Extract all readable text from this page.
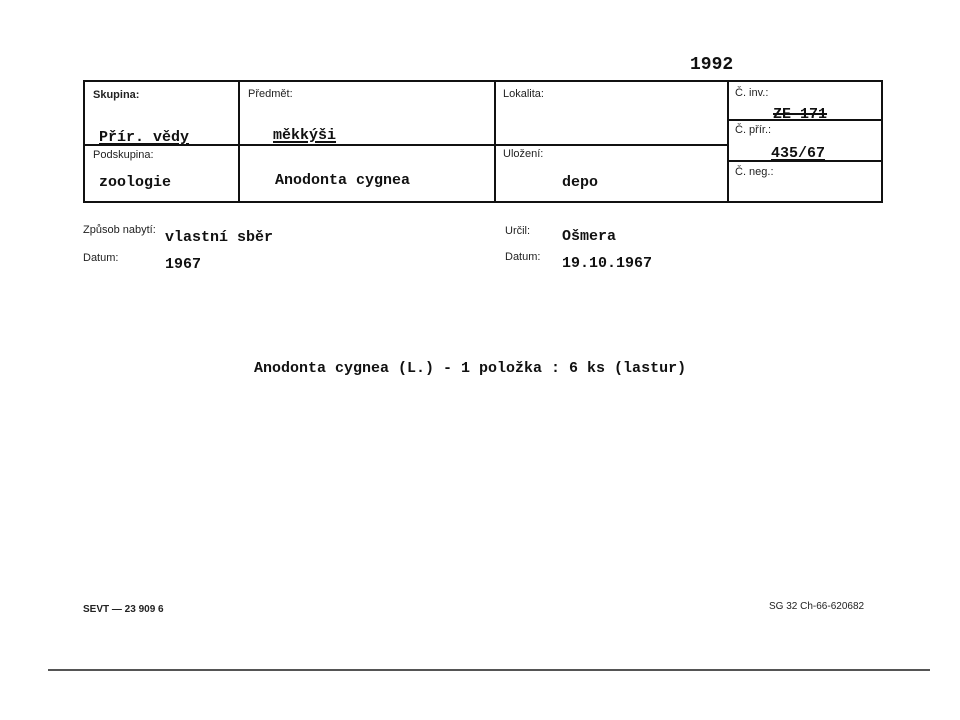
1992
Skupina:
Přír. vědy
Předmět:
měkkýši
Lokalita:
Podskupina:
zoologie	Anodonta cygnea
Uložení:
depo
Č. inv.:
ZE 171
Č. přír.:
435/67
Č. neg.:
Způsob nabytí: vlastní sběr
Datum:	1967
Určil: Ošmera
Datum: 19.10.1967
Anodonta cygnea (L.) - 1 položka : 6 ks (lastur)
SEVT — 23 909 6	SG 32 Ch-66-620682
